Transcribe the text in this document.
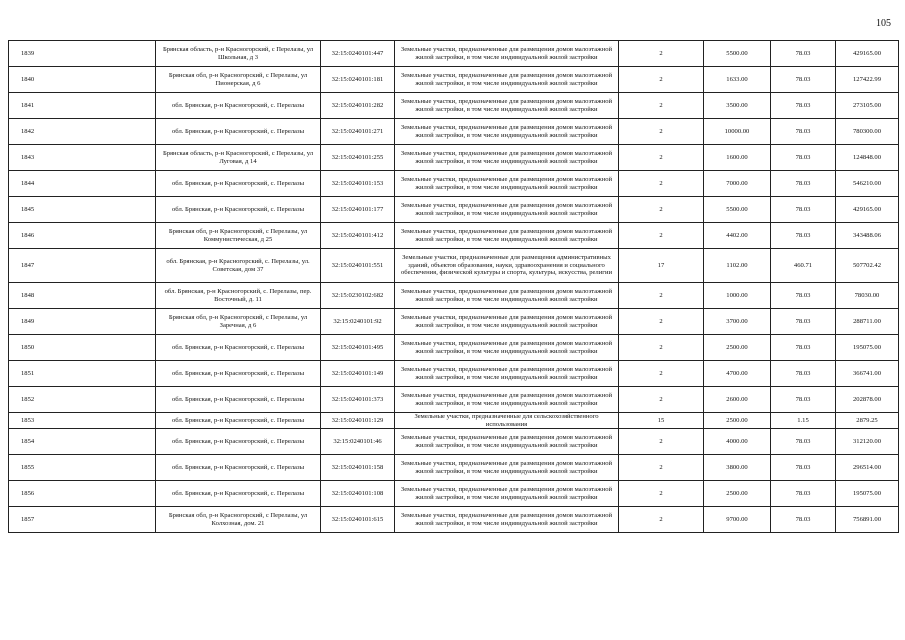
105
1839	Брянская область, р-н Красногорский, с Перелазы, ул Школьная, д 3	32:15:0240101:447	Земельные участки, предназначенные для размещения домов малоэтажной жилой застройки, в том числе индивидуальной жилой застройки	2	5500.00	78.03	429165.00
1840	Брянская обл, р-н Красногорский, с Перелазы, ул Пионерская, д 6	32:15:0240101:181	Земельные участки, предназначенные для размещения домов малоэтажной жилой застройки, в том числе индивидуальной жилой застройки	2	1633.00	78.03	127422.99
1841	обл. Брянская, р-н Красногорский, с. Перелазы	32:15:0240101:282	Земельные участки, предназначенные для размещения домов малоэтажной жилой застройки, в том числе индивидуальной жилой застройки	2	3500.00	78.03	273105.00
1842	обл. Брянская, р-н Красногорский, с. Перелазы	32:15:0240101:271	Земельные участки, предназначенные для размещения домов малоэтажной жилой застройки, в том числе индивидуальной жилой застройки	2	10000.00	78.03	780300.00
1843	Брянская область, р-н Красногорский, с Перелазы, ул Луговая, д 14	32:15:0240101:255	Земельные участки, предназначенные для размещения домов малоэтажной жилой застройки, в том числе индивидуальной жилой застройки	2	1600.00	78.03	124848.00
1844	обл. Брянская, р-н Красногорский, с. Перелазы	32:15:0240101:153	Земельные участки, предназначенные для размещения домов малоэтажной жилой застройки, в том числе индивидуальной жилой застройки	2	7000.00	78.03	546210.00
1845	обл. Брянская, р-н Красногорский, с. Перелазы	32:15:0240101:177	Земельные участки, предназначенные для размещения домов малоэтажной жилой застройки, в том числе индивидуальной жилой застройки	2	5500.00	78.03	429165.00
1846	Брянская обл, р-н Красногорский, с Перелазы, ул Коммунистическая, д 25	32:15:0240101:412	Земельные участки, предназначенные для размещения домов малоэтажной жилой застройки, в том числе индивидуальной жилой застройки	2	4402.00	78.03	343488.06
1847	обл. Брянская, р-н Красногорский, с. Перелазы, ул. Советская, дом 37	32:15:0240101:551	Земельные участки, предназначенные для размещения административных зданий, объектов образования, науки, здравоохранения и социального обеспечения, физической культуры и спорта, культуры, искусства, религии	17	1102.00	460.71	507702.42
1848	обл. Брянская, р-н Красногорский, с. Перелазы, пер. Восточный, д. 11	32:15:0230102:682	Земельные участки, предназначенные для размещения домов малоэтажной жилой застройки, в том числе индивидуальной жилой застройки	2	1000.00	78.03	78030.00
1849	Брянская обл, р-н Красногорский, с Перелазы, ул Заречная, д 6	32:15:0240101:92	Земельные участки, предназначенные для размещения домов малоэтажной жилой застройки, в том числе индивидуальной жилой застройки	2	3700.00	78.03	288711.00
1850	обл. Брянская, р-н Красногорский, с. Перелазы	32:15:0240101:495	Земельные участки, предназначенные для размещения домов малоэтажной жилой застройки, в том числе индивидуальной жилой застройки	2	2500.00	78.03	195075.00
1851	обл. Брянская, р-н Красногорский, с. Перелазы	32:15:0240101:149	Земельные участки, предназначенные для размещения домов малоэтажной жилой застройки, в том числе индивидуальной жилой застройки	2	4700.00	78.03	366741.00
1852	обл. Брянская, р-н Красногорский, с. Перелазы	32:15:0240101:373	Земельные участки, предназначенные для размещения домов малоэтажной жилой застройки, в том числе индивидуальной жилой застройки	2	2600.00	78.03	202878.00
1853	обл. Брянская, р-н Красногорский, с. Перелазы	32:15:0240101:129	Земельные участки, предназначенные для сельскохозяйственного использования	15	2500.00	1.15	2879.25
1854	обл. Брянская, р-н Красногорский, с. Перелазы	32:15:0240101:46	Земельные участки, предназначенные для размещения домов малоэтажной жилой застройки, в том числе индивидуальной жилой застройки	2	4000.00	78.03	312120.00
1855	обл. Брянская, р-н Красногорский, с. Перелазы	32:15:0240101:158	Земельные участки, предназначенные для размещения домов малоэтажной жилой застройки, в том числе индивидуальной жилой застройки	2	3800.00	78.03	296514.00
1856	обл. Брянская, р-н Красногорский, с. Перелазы	32:15:0240101:108	Земельные участки, предназначенные для размещения домов малоэтажной жилой застройки, в том числе индивидуальной жилой застройки	2	2500.00	78.03	195075.00
1857	Брянская обл, р-н Красногорский, с Перелазы, ул Колхозная, дом. 21	32:15:0240101:615	Земельные участки, предназначенные для размещения домов малоэтажной жилой застройки, в том числе индивидуальной жилой застройки	2	9700.00	78.03	756891.00
